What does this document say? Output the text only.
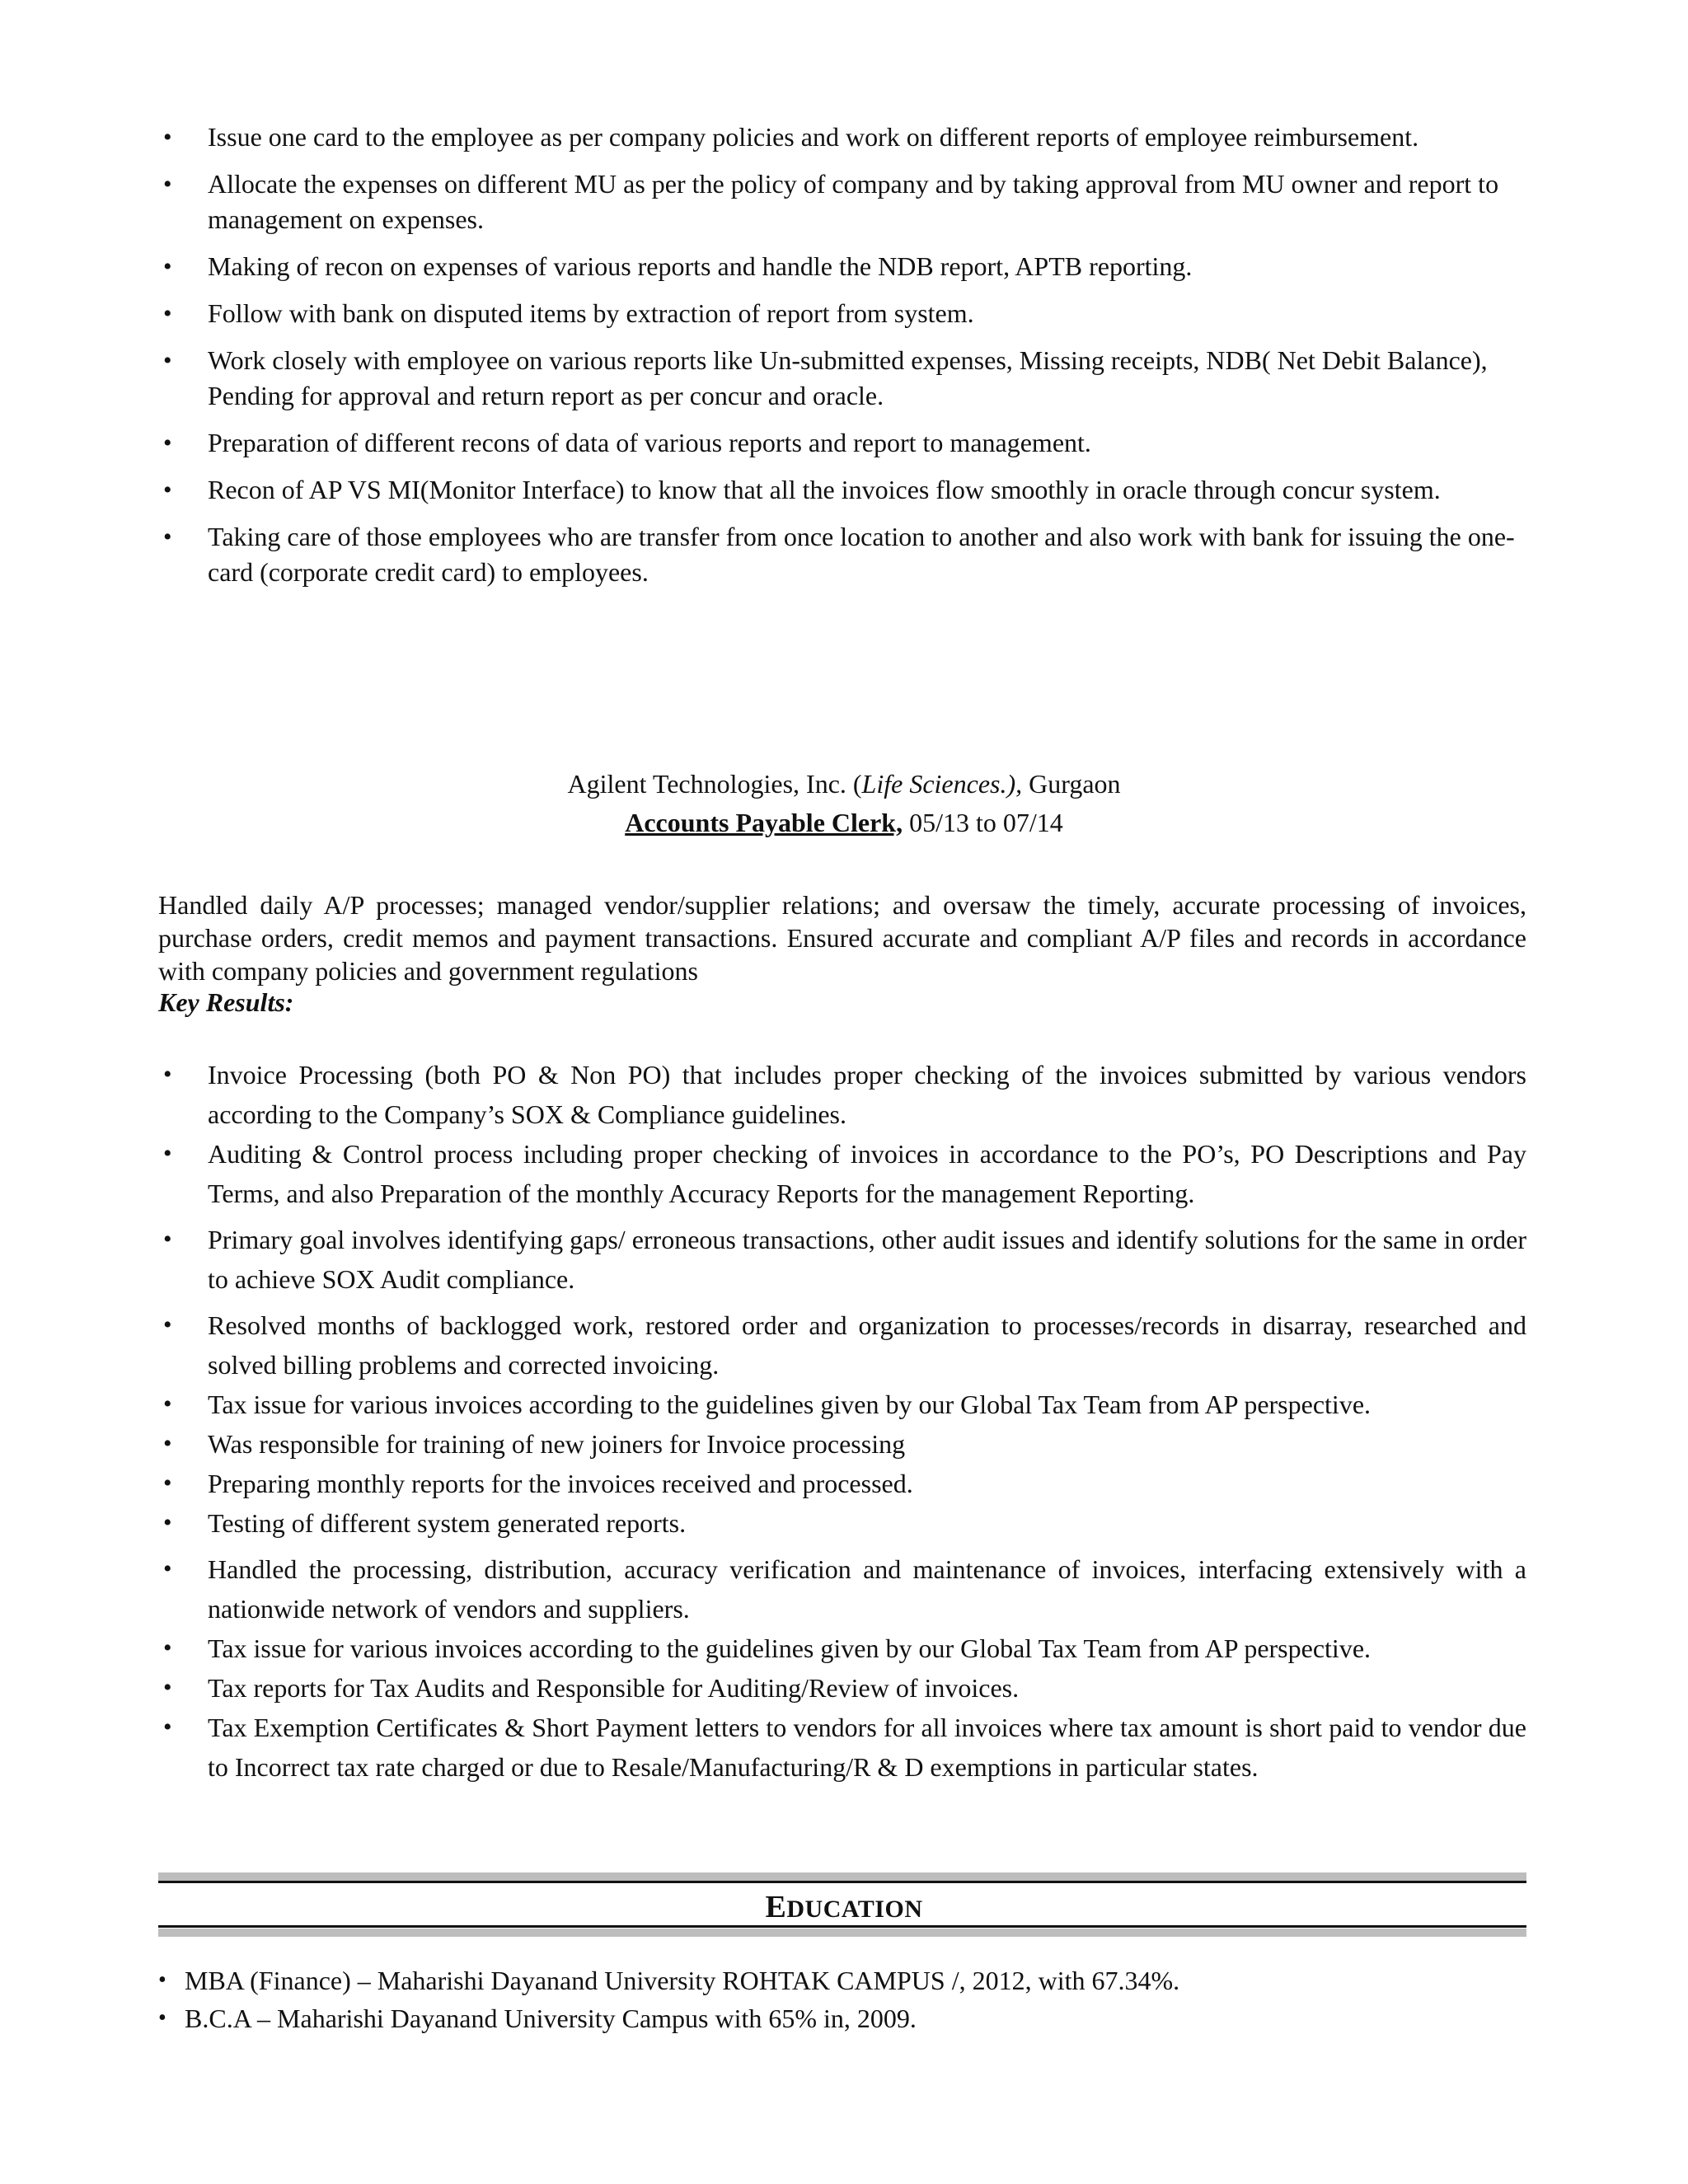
• Issue one card to the employee as per company policies and work on different reports of employee reimbursement.
• Allocate the expenses on different MU as per the policy of company and by taking approval from MU owner and report to management on expenses.
• Making of recon on expenses of various reports and handle the NDB report, APTB reporting.
• Follow with bank on disputed items by extraction of report from system.
• Work closely with employee on various reports like Un-submitted expenses, Missing receipts, NDB( Net Debit Balance), Pending for approval and return report as per concur and oracle.
• Preparation of different recons of data of various reports and report to management.
• Recon of AP VS MI(Monitor Interface) to know that all the invoices flow smoothly in oracle through concur system.
• Taking care of those employees who are transfer from once location to another and also work with bank for issuing the one-card (corporate credit card) to employees.
Agilent Technologies, Inc. (Life Sciences.), Gurgaon
Accounts Payable Clerk, 05/13 to 07/14
Handled daily A/P processes; managed vendor/supplier relations; and oversaw the timely, accurate processing of invoices, purchase orders, credit memos and payment transactions. Ensured accurate and compliant A/P files and records in accordance with company policies and government regulations
Key Results:
• Invoice Processing (both PO & Non PO) that includes proper checking of the invoices submitted by various vendors according to the Company’s SOX & Compliance guidelines.
• Auditing & Control process including proper checking of invoices in accordance to the PO’s, PO Descriptions and Pay Terms, and also Preparation of the monthly Accuracy Reports for the management Reporting.
• Primary goal involves identifying gaps/ erroneous transactions, other audit issues and identify solutions for the same in order to achieve SOX Audit compliance.
• Resolved months of backlogged work, restored order and organization to processes/records in disarray, researched and solved billing problems and corrected invoicing.
• Tax issue for various invoices according to the guidelines given by our Global Tax Team from AP perspective.
• Was responsible for training of new joiners for Invoice processing
• Preparing monthly reports for the invoices received and processed.
• Testing of different system generated reports.
• Handled the processing, distribution, accuracy verification and maintenance of invoices, interfacing extensively with a nationwide network of vendors and suppliers.
• Tax issue for various invoices according to the guidelines given by our Global Tax Team from AP perspective.
• Tax reports for Tax Audits and Responsible for Auditing/Review of invoices.
• Tax Exemption Certificates & Short Payment letters to vendors for all invoices where tax amount is short paid to vendor due to Incorrect tax rate charged or due to Resale/Manufacturing/R & D exemptions in particular states.
EDUCATION
• MBA (Finance) – Maharishi Dayanand University ROHTAK CAMPUS /, 2012, with 67.34%.
• B.C.A – Maharishi Dayanand University Campus with 65% in, 2009.
